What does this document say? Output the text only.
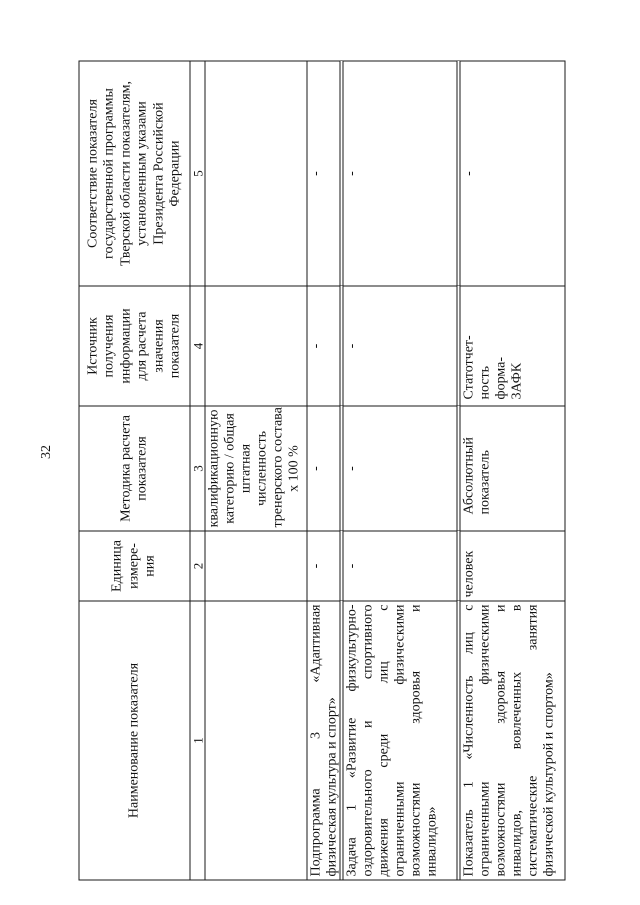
32
Наименование показателя
Единица измере- ния
Методика расчета показателя
Источник получения информации для расчета значения показателя
Соответствие показателя государственной программы Тверской области показателям, установленным указами Президента Российской Федерации
1
2
3
4
5
квалификационную категорию / общая штатная численность тренерского состава х 100 %
Подпрограмма 3 «Адаптивная физическая культура и спорт»
-
-
-
-
Задача 1 «Развитие физкультурно- оздоровительного и спортивного движения среди лиц с ограниченными физическими возможностями здоровья и инвалидов»
-
-
-
-
Показатель 1 «Численность лиц с ограниченными физическими возможностями здоровья и инвалидов, вовлеченных в систематические занятия физической культурой и спортом»
человек
Абсолютный показатель
Статотчет- ность форма- 3АФК
-
